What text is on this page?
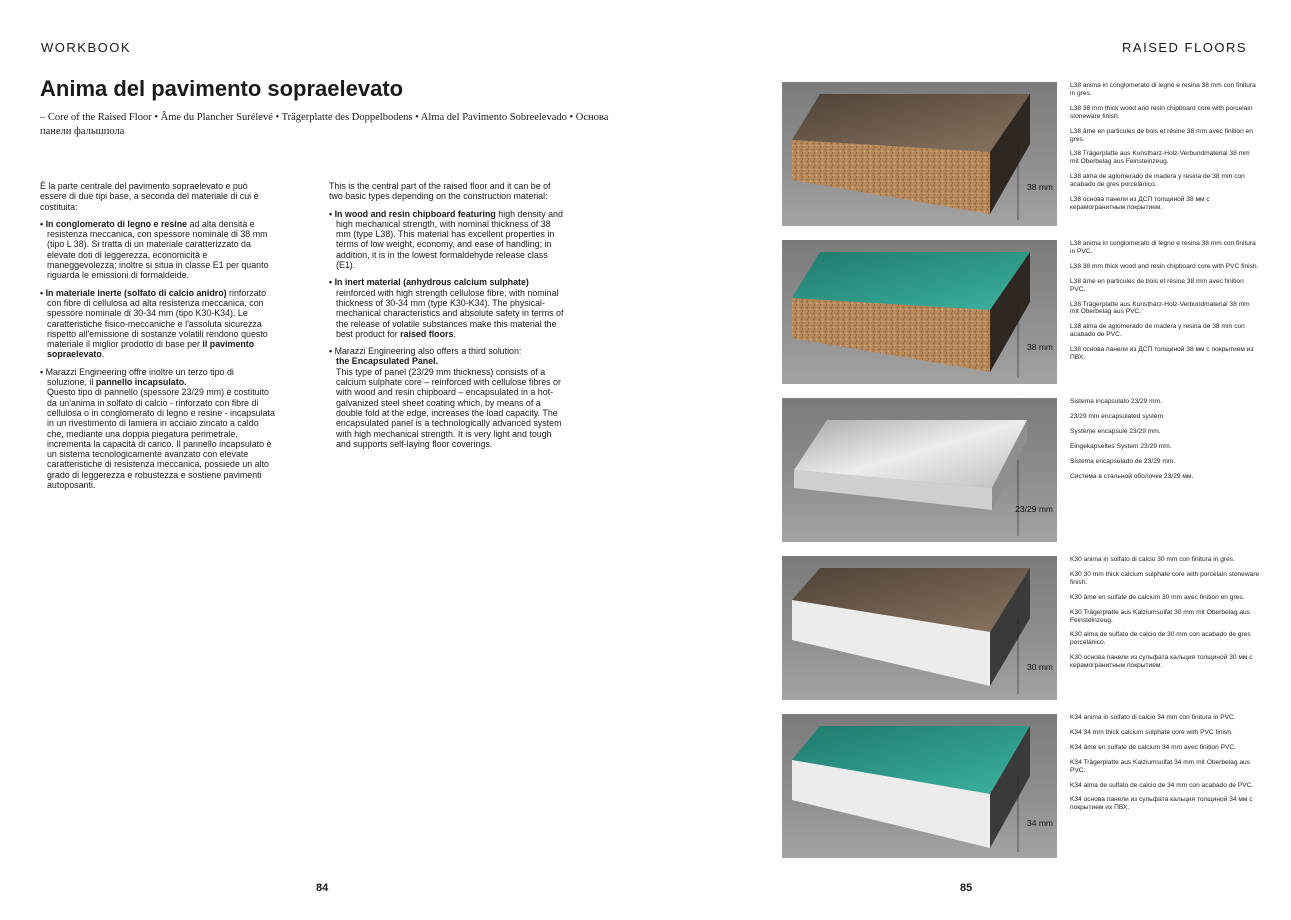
WORKBOOK	RAISED FLOORS
Anima del pavimento sopraelevato
– Core of the Raised Floor • Âme du Plancher Surélevé • Trägerplatte des Doppelbodens • Alma del Pavimento Sobreelevado • Основа панели фальшпола

È la parte centrale del pavimento sopraelevato e può essere di due tipi base, a seconda del materiale di cui è costituita:

• In conglomerato di legno e resine ad alta densità e resistenza meccanica, con spessore nominale di 38 mm (tipo L 38). Si tratta di un materiale caratterizzato da elevate doti di leggerezza, economicità e maneggevolezza; inoltre si situa in classe E1 per quanto riguarda le emissioni di formaldeide.
• In materiale inerte (solfato di calcio anidro) rinforzato con fibre di cellulosa ad alta resistenza meccanica, con spessore nominale di 30-34 mm (tipo K30-K34). Le caratteristiche fisico-meccaniche e l'assoluta sicurezza rispetto all'emissione di sostanze volatili rendono questo materiale il miglior prodotto di base per il pavimento sopraelevato.
• Marazzi Engineering offre inoltre un terzo tipo di soluzione, il pannello incapsulato.
Questo tipo di pannello (spessore 23/29 mm) è costituito da un'anima in solfato di calcio - rinforzato con fibre di cellulosa o in conglomerato di legno e resine - incapsulata in un rivestimento di lamiera in acciaio zincato a caldo che, mediante una doppia piegatura perimetrale, incrementa la capacità di carico. Il pannello incapsulato è un sistema tecnologicamente avanzato con elevate caratteristiche di resistenza meccanica, possiede un alto grado di leggerezza e robustezza e sostiene pavimenti autoposanti.

This is the central part of the raised floor and it can be of two basic types depending on the construction material:

• In wood and resin chipboard featuring high density and high mechanical strength, with nominal thickness of 38 mm (type L38). This material has excellent properties in terms of low weight, economy, and ease of handling; in addition, it is in the lowest formaldehyde release class (E1).
• In inert material (anhydrous calcium sulphate) reinforced with high strength cellulose fibre, with nominal thickness of 30-34 mm (type K30-K34). The physical-mechanical characteristics and absolute safety in terms of the release of volatile substances make this material the best product for raised floors.
• Marazzi Engineering also offers a third solution:
the Encapsulated Panel.
This type of panel (23/29 mm thickness) consists of a calcium sulphate core – reinforced with cellulose fibres or with wood and resin chipboard – encapsulated in a hot-galvanized steel sheet coating which, by means of a double fold at the edge, increases the load capacity. The encapsulated panel is a technologically advanced system with high mechanical strength. It is very light and tough and supports self-laying floor coverings.
84	85
38 mm

L38 anima in conglomerato di legno e resina 38 mm con finitura in gres.

L38 38 mm thick wood and resin chipboard core with porcelain stoneware finish.

L38 âme en particules de bois et résine 38 mm avec finition en gres.

L38 Trägerplatte aus Kunstharz-Holz-Verbundmaterial 38 mm mit Oberbelag aus Feinsteinzeug.

L38 alma de aglomerado de madera y resina de 38 mm con acabado de gres porcelánico.

L38 основа панели из ДСП толщиной 38 мм с керамогранитным покрытием.

38 mm

L38 anima in conglomerato di legno e resina 38 mm con finitura in PVC.

L38 38 mm thick wood and resin chipboard core with PVC finish.

L38 âme en particules de bois et résine 38 mm avec finition PVC.

L38 Trägerplatte aus Kunstharz-Holz-Verbundmaterial 38 mm mit Oberbelag aus PVC.

L38 alma de aglomerado de madera y resina de 38 mm con acabado de PVC.

L38 основа панели из ДСП толщиной 38 мм с покрытием из ПВХ.

23/29 mm

Sistema incapsulato 23/29 mm.

23/29 mm encapsulated system.

Système encapsulé 23/29 mm.

Eingekapseltes System 23/29 mm.

Sistema encapsulado de 23/29 mm.

Система в стальной оболочке 23/29 мм.

30 mm

K30 anima in solfato di calcio 30 mm con finitura in gres.

K30 30 mm thick calcium sulphate core with porcelain stoneware finish.

K30 âme en sulfate de calcium 30 mm avec finition en gres.

K30 Trägerplatte aus Kalziumsulfat 30 mm mit Oberbelag aus Feinsteinzeug.

K30 alma de sulfato de calcio de 30 mm con acabado de gres porcelánico.

K30 основа панели из сульфата кальция толщиной 30 мм с керамогранитным покрытием.

34 mm

K34 anima in solfato di calcio 34 mm con finitura in PVC.

K34 34 mm thick calcium sulphate core with PVC finish.

K34 âme en sulfate de calcium 34 mm avec finition PVC.

K34 Trägerplatte aus Kalziumsulfat 34 mm mit Oberbelag aus PVC.

K34 alma de sulfato de calcio de 34 mm con acabado de PVC.

K34 основа панели из сульфата кальция толщиной 34 мм с покрытием их ПВХ.
